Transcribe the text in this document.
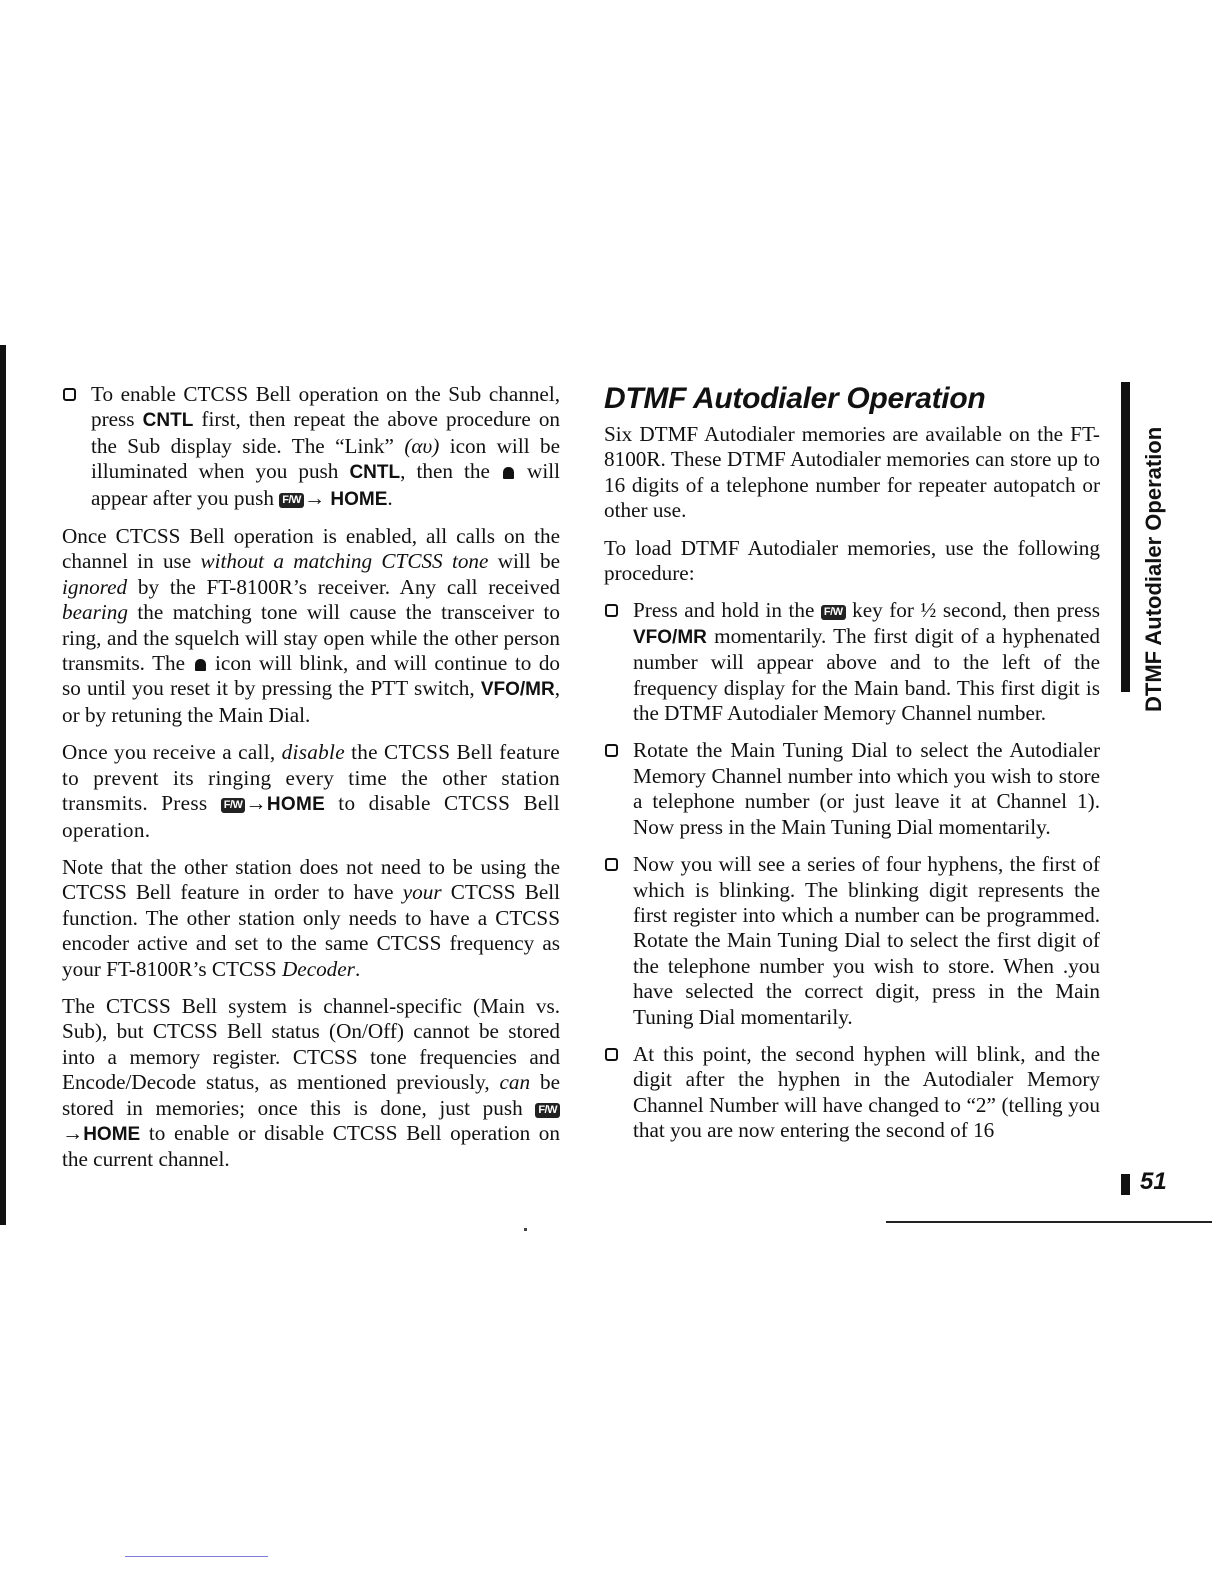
To enable CTCSS Bell operation on the Sub channel, press CNTL first, then repeat the above procedure on the Sub display side. The “Link” (αυ) icon will be illuminated when you push CNTL, then the  will appear after you push F/W → HOME.

Once CTCSS Bell operation is enabled, all calls on the channel in use without a matching CTCSS tone will be ignored by the FT-8100R’s receiver. Any call received bearing the matching tone will cause the transceiver to ring, and the squelch will stay open while the other person transmits. The  icon will blink, and will continue to do so until you reset it by pressing the PTT switch, VFO/MR, or by retuning the Main Dial.

Once you receive a call, disable the CTCSS Bell feature to prevent its ringing every time the other station transmits. Press F/W →HOME to disable CTCSS Bell operation.

Note that the other station does not need to be using the CTCSS Bell feature in order to have your CTCSS Bell function. The other station only needs to have a CTCSS encoder active and set to the same CTCSS frequency as your FT-8100R’s CTCSS Decoder.

The CTCSS Bell system is channel-specific (Main vs. Sub), but CTCSS Bell status (On/Off) cannot be stored into a memory register. CTCSS tone frequencies and Encode/Decode status, as mentioned previously, can be stored in memories; once this is done, just push F/W→HOME to enable or disable CTCSS Bell operation on the current channel.

DTMF Autodialer Operation

Six DTMF Autodialer memories are available on the FT-8100R. These DTMF Autodialer memories can store up to 16 digits of a telephone number for repeater autopatch or other use.

To load DTMF Autodialer memories, use the following procedure:

Press and hold in the F/W key for ½ second, then press VFO/MR momentarily. The first digit of a hyphenated number will appear above and to the left of the frequency display for the Main band. This first digit is the DTMF Autodialer Memory Channel number.

Rotate the Main Tuning Dial to select the Autodialer Memory Channel number into which you wish to store a telephone number (or just leave it at Channel 1). Now press in the Main Tuning Dial momentarily.

Now you will see a series of four hyphens, the first of which is blinking. The blinking digit represents the first register into which a number can be programmed. Rotate the Main Tuning Dial to select the first digit of the telephone number you wish to store. When .you have selected the correct digit, press in the Main Tuning Dial momentarily.

At this point, the second hyphen will blink, and the digit after the hyphen in the Autodialer Memory Channel Number will have changed to “2” (telling you that you are now entering the second of 16

DTMF Autodialer Operation
51
